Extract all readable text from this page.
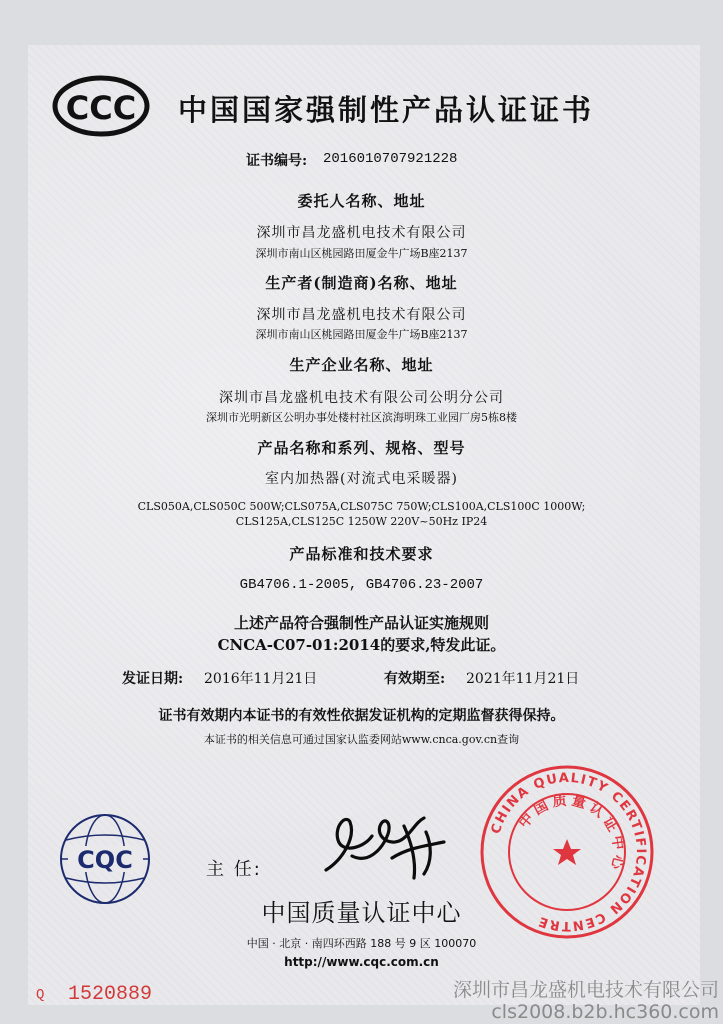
CCC 中国国家强制性产品认证证书
证书编号: 2016010707921228
委托人名称、地址
深圳市昌龙盛机电技术有限公司
深圳市南山区桃园路田厦金牛广场B座2137
生产者(制造商)名称、地址
深圳市昌龙盛机电技术有限公司
深圳市南山区桃园路田厦金牛广场B座2137
生产企业名称、地址
深圳市昌龙盛机电技术有限公司公明分公司
深圳市光明新区公明办事处楼村社区滨海明珠工业园厂房5栋8楼
产品名称和系列、规格、型号
室内加热器(对流式电采暖器)
CLS050A,CLS050C 500W;CLS075A,CLS075C 750W;CLS100A,CLS100C 1000W;
CLS125A,CLS125C 1250W 220V~50Hz IP24
产品标准和技术要求
GB4706.1-2005, GB4706.23-2007
上述产品符合强制性产品认证实施规则
CNCA-C07-01:2014的要求,特发此证。
发证日期: 2016年11月21日	有效期至: 2021年11月21日
证书有效期内本证书的有效性依据发证机构的定期监督获得保持。
本证书的相关信息可通过国家认监委网站www.cnca.gov.cn查询
CQC	主 任:
中国质量认证中心
中国 · 北京 · 南四环西路 188 号 9 区 100070
http://www.cqc.com.cn
CHINA QUALITY CERTIFICATION CENTRE
中国质量认证中心
Q 1520889	深圳市昌龙盛机电技术有限公司
cls2008.b2b.hc360.com
